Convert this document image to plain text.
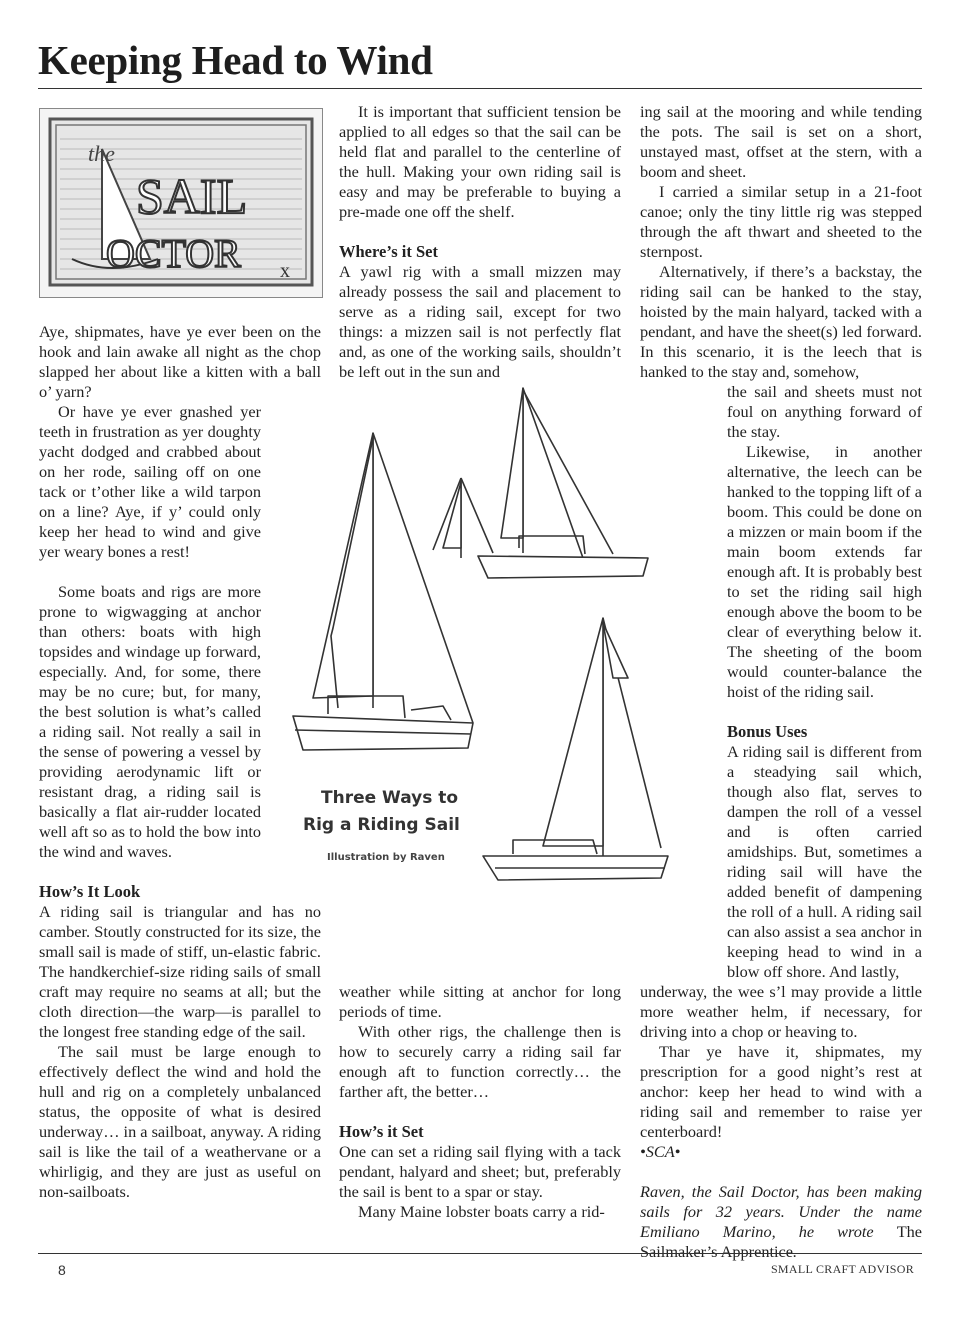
Keeping Head to Wind
the
SAIL
OCTOR x

Aye, shipmates, have ye ever been on the hook and lain awake all night as the chop slapped her about like a kitten with a ball o’ yarn?

Or have ye ever gnashed yer teeth in frustration as yer doughty yacht dodged and crabbed about on her rode, sailing off on one tack or t’other like a wild tarpon on a line? Aye, if y’ could only keep her head to wind and give yer weary bones a rest!

Some boats and rigs are more prone to wigwagging at anchor than others: boats with high topsides and windage up forward, especially. And, for some, there may be no cure; but, for many, the best solution is what’s called a riding sail. Not really a sail in the sense of powering a vessel by providing aerodynamic lift or resistant drag, a riding sail is basically a flat air-rudder located well aft so as to hold the bow into the wind and waves.

How’s It Look

A riding sail is triangular and has no camber. Stoutly constructed for its size, the small sail is made of stiff, un-elastic fabric. The handkerchief-size riding sails of small craft may require no seams at all; but the cloth direction—the warp—is parallel to the longest free standing edge of the sail.

The sail must be large enough to effectively deflect the wind and hold the hull and rig on a completely unbalanced status, the opposite of what is desired underway… in a sailboat, anyway. A riding sail is like the tail of a weathervane or a whirligig, and they are just as useful on non-sailboats.

It is important that sufficient tension be applied to all edges so that the sail can be held flat and parallel to the centerline of the hull. Making your own riding sail is easy and may be preferable to buying a pre-made one off the shelf.

Where’s it Set

A yawl rig with a small mizzen may already possess the sail and placement to serve as a riding sail, except for two things: a mizzen sail is not perfectly flat and, as one of the working sails, shouldn’t be left out in the sun and

weather while sitting at anchor for long periods of time.

With other rigs, the challenge then is how to securely carry a riding sail far enough aft to function correctly… the farther aft, the better…

How’s it Set

One can set a riding sail flying with a tack pendant, halyard and sheet; but, preferably the sail is bent to a spar or stay.

Many Maine lobster boats carry a rid-

ing sail at the mooring and while tending the pots. The sail is set on a short, unstayed mast, offset at the stern, with a boom and sheet.

I carried a similar setup in a 21-foot canoe; only the tiny little rig was stepped through the aft thwart and sheeted to the sternpost.

Alternatively, if there’s a backstay, the riding sail can be hanked to the stay, hoisted by the main halyard, tacked with a pendant, and have the sheet(s) led forward. In this scenario, it is the leech that is hanked to the stay and, somehow,

the sail and sheets must not foul on anything forward of the stay.

Likewise, in another alternative, the leech can be hanked to the topping lift of a boom. This could be done on a mizzen or main boom if the main boom extends far enough aft. It is probably best to set the riding sail high enough above the boom to be clear of everything below it. The sheeting of the boom would counter-balance the hoist of the riding sail.

Bonus Uses

A riding sail is different from a steadying sail which, though also flat, serves to dampen the roll of a vessel and is often carried amidships. But, sometimes a riding sail will have the added benefit of dampening the roll of a hull. A riding sail can also assist a sea anchor in keeping head to wind in a blow off shore. And lastly,

underway, the wee s’l may provide a little more weather helm, if necessary, for driving into a chop or heaving to.

Thar ye have it, shipmates, my prescription for a good night’s rest at anchor: keep her head to wind with a riding sail and remember to raise yer centerboard!

•SCA•

Raven, the Sail Doctor, has been making sails for 32 years. Under the name Emiliano Marino, he wrote The Sailmaker’s Apprentice.

Three Ways to
Rig a Riding Sail
Illustration by Raven
8	SMALL CRAFT ADVISOR
